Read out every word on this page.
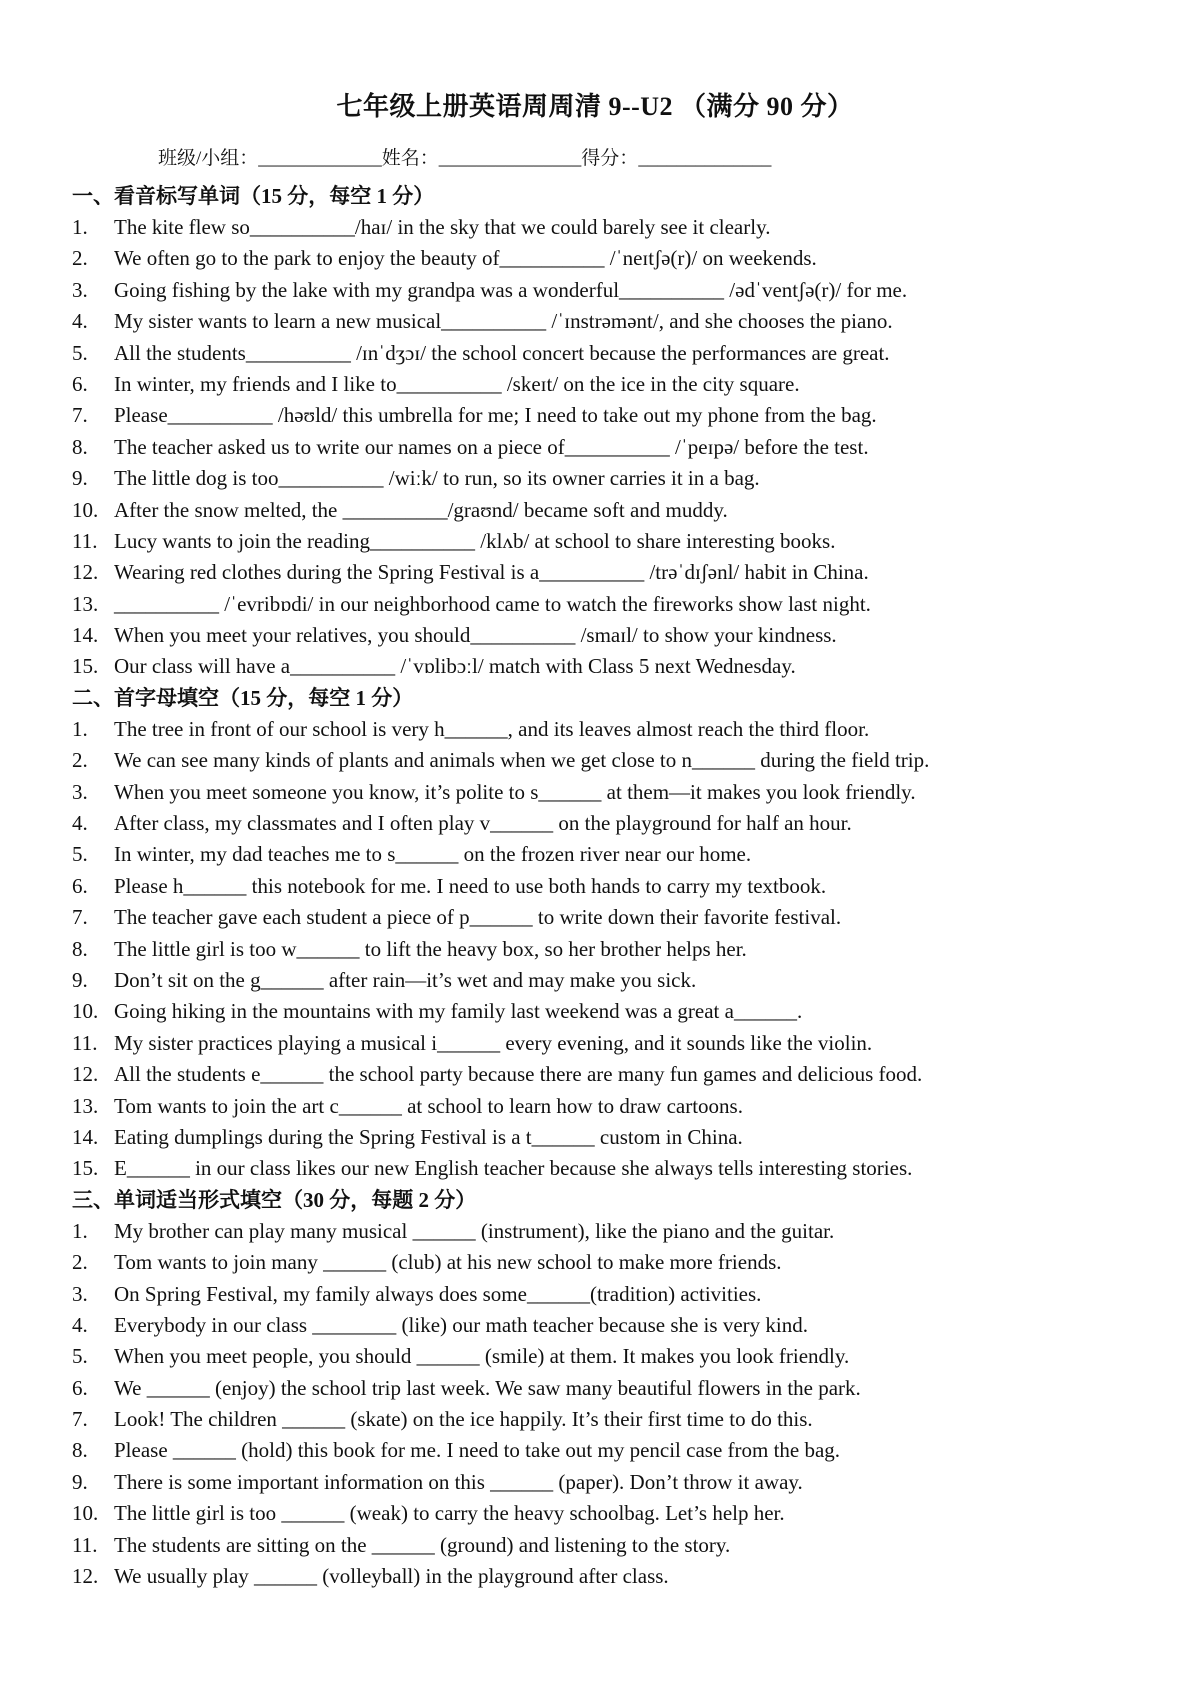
七年级上册英语周周清 9--U2 （满分 90 分）
班级/小组：_____________姓名：_______________得分：______________
一、看音标写单词（15 分，每空 1 分）
1. The kite flew so__________/haɪ/ in the sky that we could barely see it clearly.
2. We often go to the park to enjoy the beauty of__________ /ˈneɪtʃə(r)/ on weekends.
3. Going fishing by the lake with my grandpa was a wonderful__________ /ədˈventʃə(r)/ for me.
4. My sister wants to learn a new musical__________ /ˈɪnstrəmənt/, and she chooses the piano.
5. All the students__________ /ɪnˈdʒɔɪ/ the school concert because the performances are great.
6. In winter, my friends and I like to__________ /skeɪt/ on the ice in the city square.
7. Please__________ /həʊld/ this umbrella for me; I need to take out my phone from the bag.
8. The teacher asked us to write our names on a piece of__________ /ˈpeɪpə/ before the test.
9. The little dog is too__________ /wiːk/ to run, so its owner carries it in a bag.
10. After the snow melted, the __________/graʊnd/ became soft and muddy.
11. Lucy wants to join the reading__________ /klʌb/ at school to share interesting books.
12. Wearing red clothes during the Spring Festival is a__________ /trəˈdɪʃənl/ habit in China.
13. __________ /ˈevribɒdi/ in our neighborhood came to watch the fireworks show last night.
14. When you meet your relatives, you should__________ /smaɪl/ to show your kindness.
15. Our class will have a__________ /ˈvɒlibɔːl/ match with Class 5 next Wednesday.
二、首字母填空（15 分，每空 1 分）
1. The tree in front of our school is very h______, and its leaves almost reach the third floor.
2. We can see many kinds of plants and animals when we get close to n______ during the field trip.
3. When you meet someone you know, it’s polite to s______ at them—it makes you look friendly.
4. After class, my classmates and I often play v______ on the playground for half an hour.
5. In winter, my dad teaches me to s______ on the frozen river near our home.
6. Please h______ this notebook for me. I need to use both hands to carry my textbook.
7. The teacher gave each student a piece of p______ to write down their favorite festival.
8. The little girl is too w______ to lift the heavy box, so her brother helps her.
9. Don’t sit on the g______ after rain—it’s wet and may make you sick.
10. Going hiking in the mountains with my family last weekend was a great a______.
11. My sister practices playing a musical i______ every evening, and it sounds like the violin.
12. All the students e______ the school party because there are many fun games and delicious food.
13. Tom wants to join the art c______ at school to learn how to draw cartoons.
14. Eating dumplings during the Spring Festival is a t______ custom in China.
15. E______ in our class likes our new English teacher because she always tells interesting stories.
三、单词适当形式填空（30 分，每题 2 分）
1. My brother can play many musical ______ (instrument), like the piano and the guitar.
2. Tom wants to join many ______ (club) at his new school to make more friends.
3. On Spring Festival, my family always does some______(tradition) activities.
4. Everybody in our class ________ (like) our math teacher because she is very kind.
5. When you meet people, you should ______ (smile) at them. It makes you look friendly.
6. We ______ (enjoy) the school trip last week. We saw many beautiful flowers in the park.
7. Look! The children ______ (skate) on the ice happily. It’s their first time to do this.
8. Please ______ (hold) this book for me. I need to take out my pencil case from the bag.
9. There is some important information on this ______ (paper). Don’t throw it away.
10. The little girl is too ______ (weak) to carry the heavy schoolbag. Let’s help her.
11. The students are sitting on the ______ (ground) and listening to the story.
12. We usually play ______ (volleyball) in the playground after class.
